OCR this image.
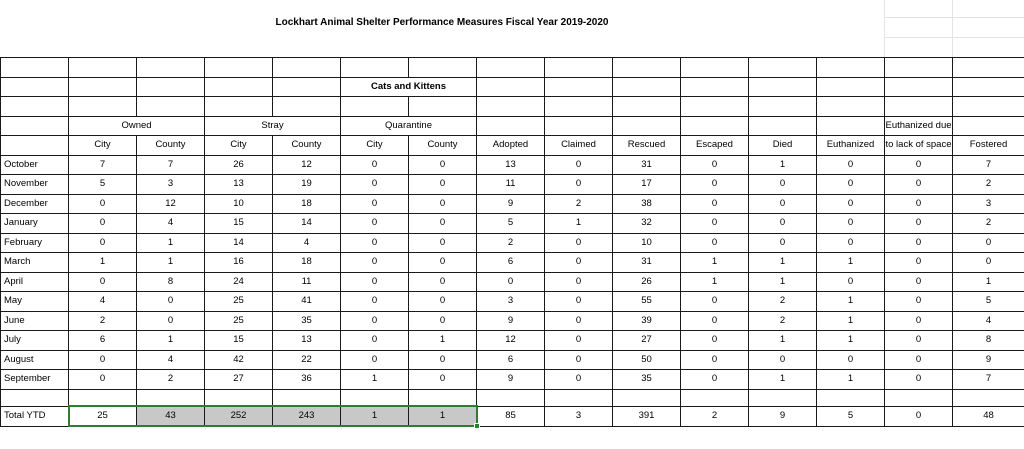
Lockhart Animal Shelter Performance Measures Fiscal Year 2019-2020

					Cats and Kittens									

	Owned		Stray		Quarantine								Euthanized due	
	City	County	City	County	City	County	Adopted	Claimed	Rescued	Escaped	Died	Euthanized	to lack of space	Fostered
October	7	7	26	12	0	0	13	0	31	0	1	0	0	7
November	5	3	13	19	0	0	11	0	17	0	0	0	0	2
December	0	12	10	18	0	0	9	2	38	0	0	0	0	3
January	0	4	15	14	0	0	5	1	32	0	0	0	0	2
February	0	1	14	4	0	0	2	0	10	0	0	0	0	0
March	1	1	16	18	0	0	6	0	31	1	1	1	0	0
April	0	8	24	11	0	0	0	0	26	1	1	0	0	1
May	4	0	25	41	0	0	3	0	55	0	2	1	0	5
June	2	0	25	35	0	0	9	0	39	0	2	1	0	4
July	6	1	15	13	0	1	12	0	27	0	1	1	0	8
August	0	4	42	22	0	0	6	0	50	0	0	0	0	9
September	0	2	27	36	1	0	9	0	35	0	1	1	0	7

Total YTD	25	43	252	243	1	1	85	3	391	2	9	5	0	48
